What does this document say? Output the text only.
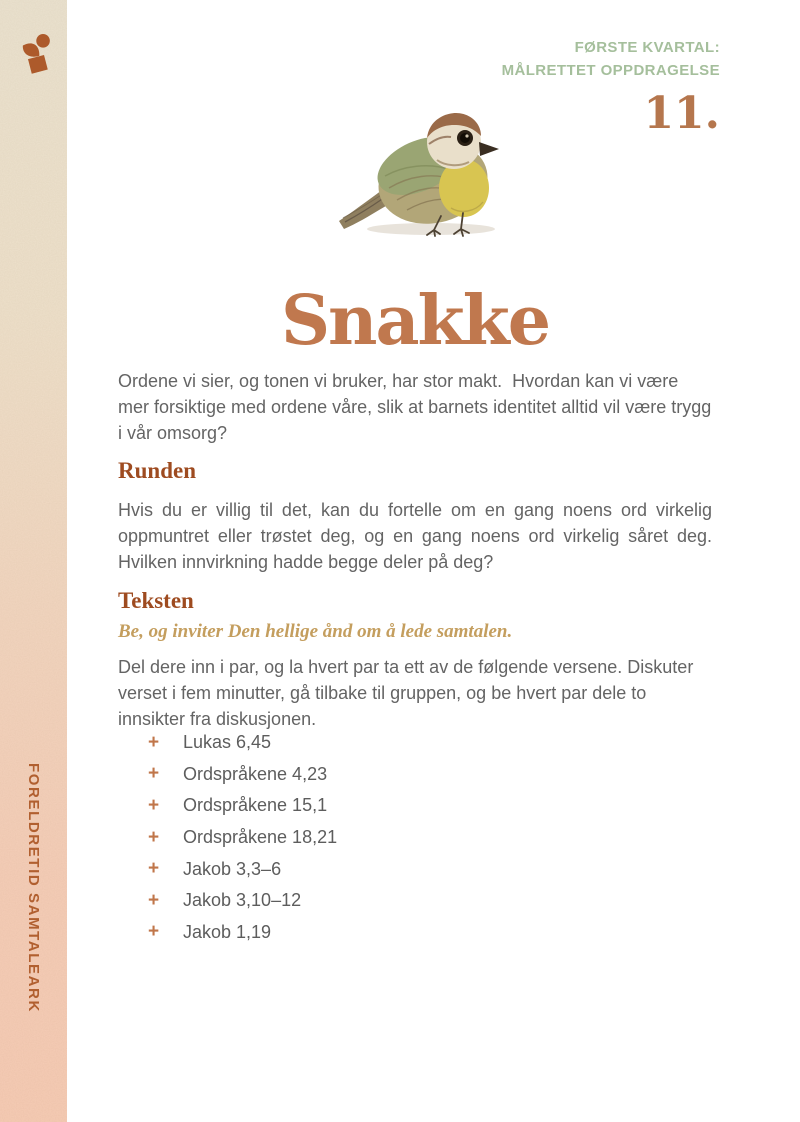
FORELDRETID SAMTALEARK
FØRSTE KVARTAL:
MÅLRETTET OPPDRAGELSE
11.
Snakke

Ordene vi sier, og tonen vi bruker, har stor makt.  Hvordan kan vi være mer forsiktige med ordene våre, slik at barnets identitet alltid vil være trygg i vår omsorg?

Runden

Hvis du er villig til det, kan du fortelle om en gang noens ord virkelig oppmuntret eller trøstet deg, og en gang noens ord virkelig såret deg. Hvilken innvirkning hadde begge deler på deg?

Teksten

Be, og inviter Den hellige ånd om å lede samtalen.

Del dere inn i par, og la hvert par ta ett av de følgende versene. Diskuter verset i fem minutter, gå tilbake til gruppen, og be hvert par dele to innsikter fra diskusjonen.

+	Lukas 6,45
+	Ordspråkene 4,23
+	Ordspråkene 15,1
+	Ordspråkene 18,21
+	Jakob 3,3–6
+	Jakob 3,10–12
+	Jakob 1,19
